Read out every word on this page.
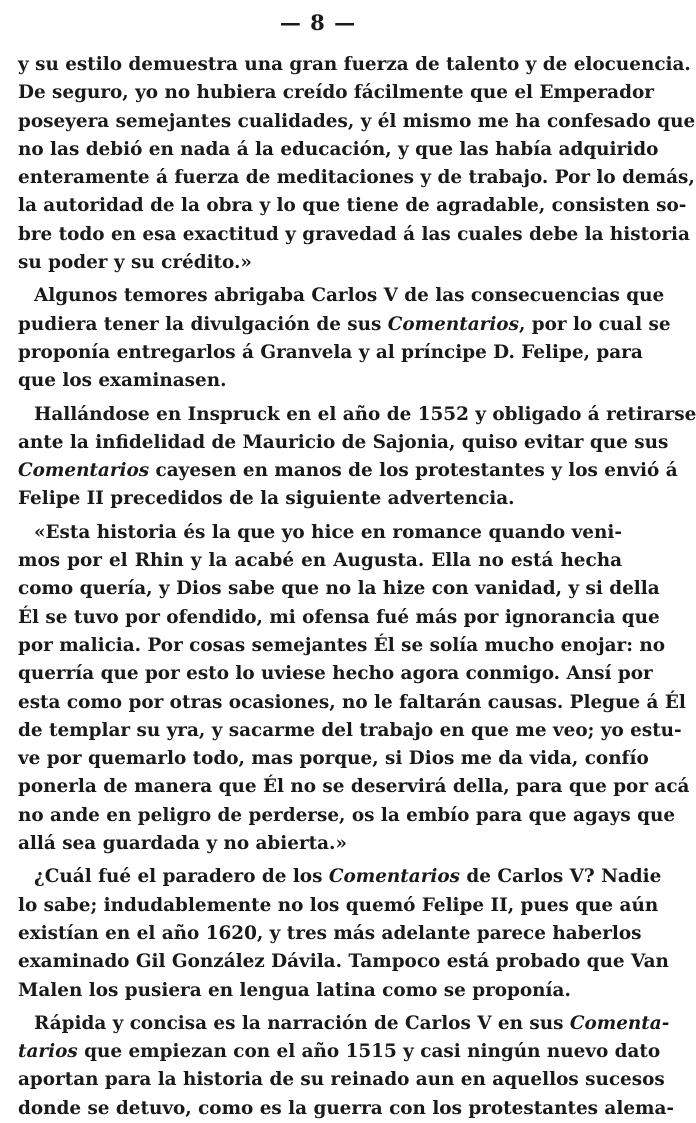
— 8 —
y su estilo demuestra una gran fuerza de talento y de elocuencia.
De seguro, yo no hubiera creído fácilmente que el Emperador
poseyera semejantes cualidades, y él mismo me ha confesado que
no las debió en nada á la educación, y que las había adquirido
enteramente á fuerza de meditaciones y de trabajo. Por lo demás,
la autoridad de la obra y lo que tiene de agradable, consisten so-
bre todo en esa exactitud y gravedad á las cuales debe la historia
su poder y su crédito.»
Algunos temores abrigaba Carlos V de las consecuencias que
pudiera tener la divulgación de sus Comentarios, por lo cual se
proponía entregarlos á Granvela y al príncipe D. Felipe, para
que los examinasen.
Hallándose en Inspruck en el año de 1552 y obligado á retirarse
ante la infidelidad de Mauricio de Sajonia, quiso evitar que sus
Comentarios cayesen en manos de los protestantes y los envió á
Felipe II precedidos de la siguiente advertencia.
«Esta historia és la que yo hice en romance quando veni-
mos por el Rhin y la acabé en Augusta. Ella no está hecha
como quería, y Dios sabe que no la hize con vanidad, y si della
Él se tuvo por ofendido, mi ofensa fué más por ignorancia que
por malicia. Por cosas semejantes Él se solía mucho enojar: no
querría que por esto lo uviese hecho agora conmigo. Ansí por
esta como por otras ocasiones, no le faltarán causas. Plegue á Él
de templar su yra, y sacarme del trabajo en que me veo; yo estu-
ve por quemarlo todo, mas porque, si Dios me da vida, confío
ponerla de manera que Él no se deservirá della, para que por acá
no ande en peligro de perderse, os la embío para que agays que
allá sea guardada y no abierta.»
¿Cuál fué el paradero de los Comentarios de Carlos V? Nadie
lo sabe; indudablemente no los quemó Felipe II, pues que aún
existían en el año 1620, y tres más adelante parece haberlos
examinado Gil González Dávila. Tampoco está probado que Van
Malen los pusiera en lengua latina como se proponía.
Rápida y concisa es la narración de Carlos V en sus Comenta-
tarios que empiezan con el año 1515 y casi ningún nuevo dato
aportan para la historia de su reinado aun en aquellos sucesos
donde se detuvo, como es la guerra con los protestantes alema-
